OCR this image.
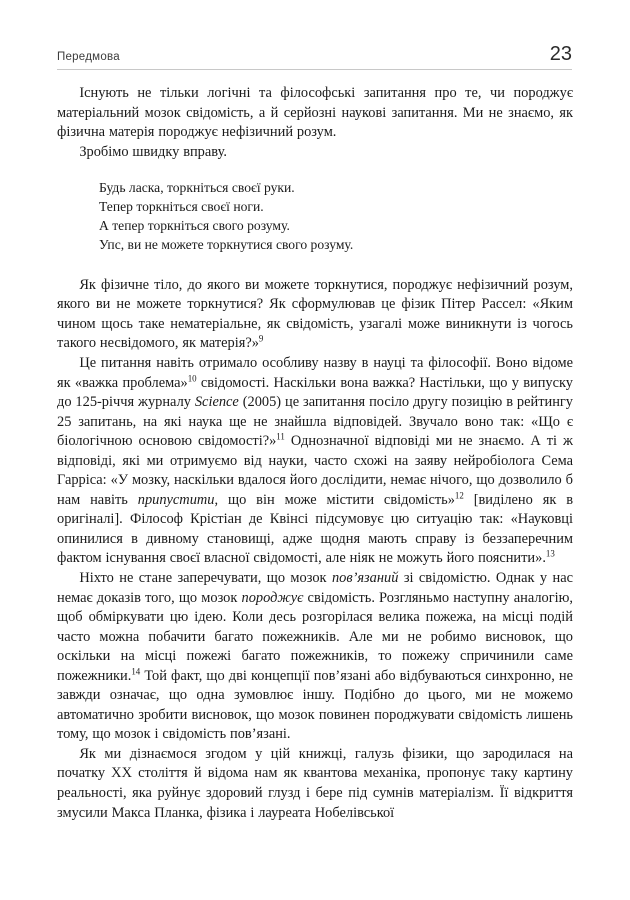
Передмова	23

Існують не тільки логічні та філософські запитання про те, чи породжує матеріальний мозок свідомість, а й серйозні наукові запитання. Ми не знаємо, як фізична матерія породжує нефізичний розум.

Зробімо швидку вправу.

Будь ласка, торкніться своєї руки.
Тепер торкніться своєї ноги.
А тепер торкніться свого розуму.
Упс, ви не можете торкнутися свого розуму.

Як фізичне тіло, до якого ви можете торкнутися, породжує нефізичний розум, якого ви не можете торкнутися? Як сформулював це фізик Пітер Рассел: «Яким чином щось таке нематеріальне, як свідомість, узагалі може виникнути із чогось такого несвідомого, як матерія?»$^9$

Це питання навіть отримало особливу назву в науці та філософії. Воно відоме як «важка проблема»$^{10}$ свідомості. Наскільки вона важка? Настільки, що у випуску до 125-річчя журналу Science (2005) це запитання посіло другу позицію в рейтингу 25 запитань, на які наука ще не знайшла відповідей. Звучало воно так: «Що є біологічною основою свідомості?»$^{11}$ Однозначної відповіді ми не знаємо. А ті ж відповіді, які ми отримуємо від науки, часто схожі на заяву нейробіолога Сема Гарріса: «У мозку, наскільки вдалося його дослідити, немає нічого, що дозволило б нам навіть припустити, що він може містити свідомість»$^{12}$ [виділено як в оригіналі]. Філософ Крістіан де Квінсі підсумовує цю ситуацію так: «Науковці опинилися в дивному становищі, адже щодня мають справу із беззаперечним фактом існування своєї власної свідомості, але ніяк не можуть його пояснити».$^{13}$

Ніхто не стане заперечувати, що мозок пов’язаний зі свідомістю. Однак у нас немає доказів того, що мозок породжує свідомість. Розгляньмо наступну аналогію, щоб обміркувати цю ідею. Коли десь розгорілася велика пожежа, на місці подій часто можна побачити багато пожежників. Але ми не робимо висновок, що оскільки на місці пожежі багато пожежників, то пожежу спричинили саме пожежники.$^{14}$ Той факт, що дві концепції пов’язані або відбуваються синхронно, не завжди означає, що одна зумовлює іншу. Подібно до цього, ми не можемо автоматично зробити висновок, що мозок повинен породжувати свідомість лишень тому, що мозок і свідомість пов’язані.

Як ми дізнаємося згодом у цій книжці, галузь фізики, що зародилася на початку XX століття й відома нам як квантова механіка, пропонує таку картину реальності, яка руйнує здоровий глузд і бере під сумнів матеріалізм. Її відкриття змусили Макса Планка, фізика і лауреата Нобелівської
